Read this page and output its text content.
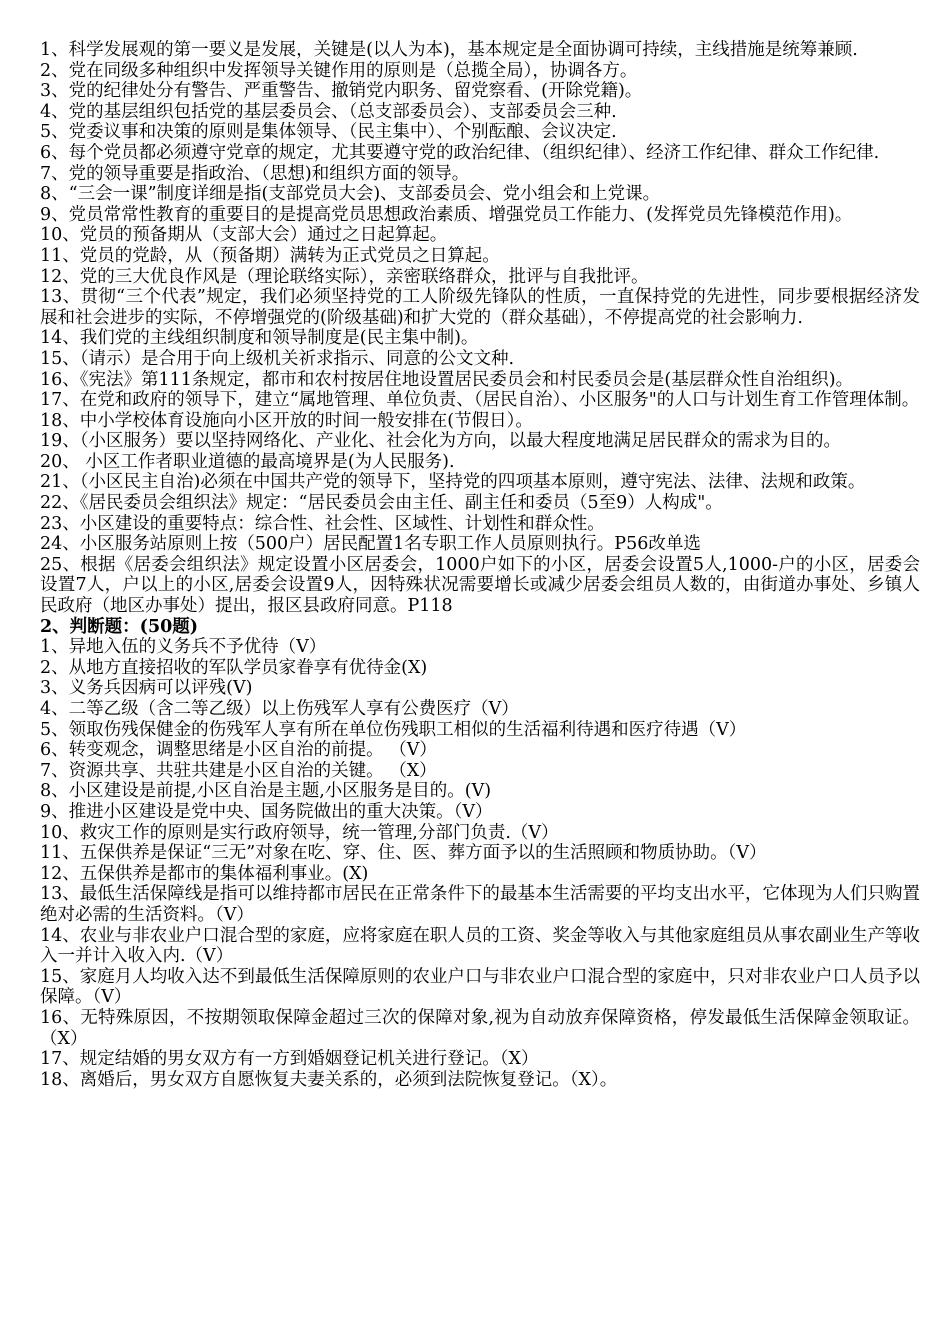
1、科学发展观的第一要义是发展，关键是(以人为本)，基本规定是全面协调可持续，主线措施是统筹兼顾.

2、党在同级多种组织中发挥领导关键作用的原则是（总揽全局），协调各方。

3、党的纪律处分有警告、严重警告、撤销党内职务、留党察看、(开除党籍)。

4、党的基层组织包括党的基层委员会、（总支部委员会）、支部委员会三种.

5、党委议事和决策的原则是集体领导、（民主集中）、个别酝酿、会议决定.

6、每个党员都必须遵守党章的规定，尤其要遵守党的政治纪律、（组织纪律）、经济工作纪律、群众工作纪律.

7、党的领导重要是指政治、（思想)和组织方面的领导。

8、“三会一课”制度详细是指(支部党员大会)、支部委员会、党小组会和上党课。

9、党员常常性教育的重要目的是提高党员思想政治素质、增强党员工作能力、(发挥党员先锋模范作用)。

10、党员的预备期从（支部大会）通过之日起算起。

11、党员的党龄，从（预备期）满转为正式党员之日算起。

12、党的三大优良作风是（理论联络实际），亲密联络群众，批评与自我批评。

13、贯彻“三个代表”规定，我们必须坚持党的工人阶级先锋队的性质，一直保持党的先进性，同步要根据经济发展和社会进步的实际，不停增强党的(阶级基础)和扩大党的（群众基础），不停提高党的社会影响力.

14、我们党的主线组织制度和领导制度是(民主集中制)。

15、（请示）是合用于向上级机关祈求指示、同意的公文文种.

16、《宪法》第111条规定，都市和农村按居住地设置居民委员会和村民委员会是(基层群众性自治组织)。

17、在党和政府的领导下，建立“属地管理、单位负责、（居民自治）、小区服务"的人口与计划生育工作管理体制。

18、中小学校体育设施向小区开放的时间一般安排在(节假日）。

19、（小区服务）要以坚持网络化、产业化、社会化为方向，以最大程度地满足居民群众的需求为目的。

20、 小区工作者职业道德的最高境界是(为人民服务).

21、（小区民主自治)必须在中国共产党的领导下，坚持党的四项基本原则，遵守宪法、法律、法规和政策。

22、《居民委员会组织法》规定：“居民委员会由主任、副主任和委员（5至9）人构成"。

23、小区建设的重要特点：综合性、社会性、区域性、计划性和群众性。

24、小区服务站原则上按（500户）居民配置1名专职工作人员原则执行。P56改单选

25、根据《居委会组织法》规定设置小区居委会，1000户如下的小区，居委会设置5人,1000-户的小区，居委会设置7人，户以上的小区,居委会设置9人，因特殊状况需要增长或减少居委会组员人数的，由街道办事处、乡镇人民政府（地区办事处）提出，报区县政府同意。P118

2、判断题：(50题)

1、异地入伍的义务兵不予优待（V）

2、从地方直接招收的军队学员家眷享有优待金(X)

3、义务兵因病可以评残(V)

4、二等乙级（含二等乙级）以上伤残军人享有公费医疗（V）

5、领取伤残保健金的伤残军人享有所在单位伤残职工相似的生活福利待遇和医疗待遇（V）

6、转变观念，调整思绪是小区自治的前提。 （V）

7、资源共享、共驻共建是小区自治的关键。 （X）

8、小区建设是前提,小区自治是主题,小区服务是目的。(V)

9、推进小区建设是党中央、国务院做出的重大决策。（V）

10、救灾工作的原则是实行政府领导，统一管理,分部门负责.（V）

11、五保供养是保证“三无”对象在吃、穿、住、医、葬方面予以的生活照顾和物质协助。（V）

12、五保供养是都市的集体福利事业。(X)

13、最低生活保障线是指可以维持都市居民在正常条件下的最基本生活需要的平均支出水平，它体现为人们只购置绝对必需的生活资料。（V）

14、农业与非农业户口混合型的家庭，应将家庭在职人员的工资、奖金等收入与其他家庭组员从事农副业生产等收入一并计入收入内.（V）

15、家庭月人均收入达不到最低生活保障原则的农业户口与非农业户口混合型的家庭中，只对非农业户口人员予以保障。（V）

16、无特殊原因，不按期领取保障金超过三次的保障对象,视为自动放弃保障资格，停发最低生活保障金领取证。（X）

17、规定结婚的男女双方有一方到婚姻登记机关进行登记。（X）

18、离婚后，男女双方自愿恢复夫妻关系的，必须到法院恢复登记。（X）。
